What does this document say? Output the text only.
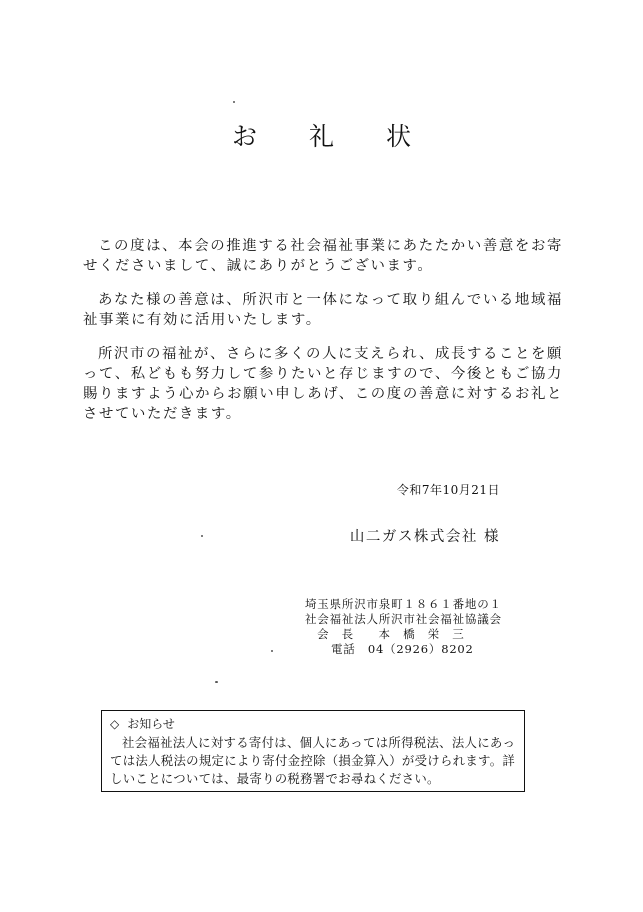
お 礼 状

この度は、本会の推進する社会福祉事業にあたたかい善意をお寄せくださいまして、誠にありがとうございます。

あなた様の善意は、所沢市と一体になって取り組んでいる地域福祉事業に有効に活用いたします。

所沢市の福祉が、さらに多くの人に支えられ、成長することを願って、私どもも努力して参りたいと存じますので、今後ともご協力賜りますよう心からお願い申しあげ、この度の善意に対するお礼とさせていただきます。

令和7年10月21日
山二ガス株式会社 様
埼玉県所沢市泉町１８６１番地の１
社会福祉法人所沢市社会福祉協議会
会　長　　本　橋　栄　三
電話　04（2926）8202
◇ お知らせ
社会福祉法人に対する寄付は、個人にあっては所得税法、法人にあっては法人税法の規定により寄付金控除（損金算入）が受けられます。詳しいことについては、最寄りの税務署でお尋ねください。
